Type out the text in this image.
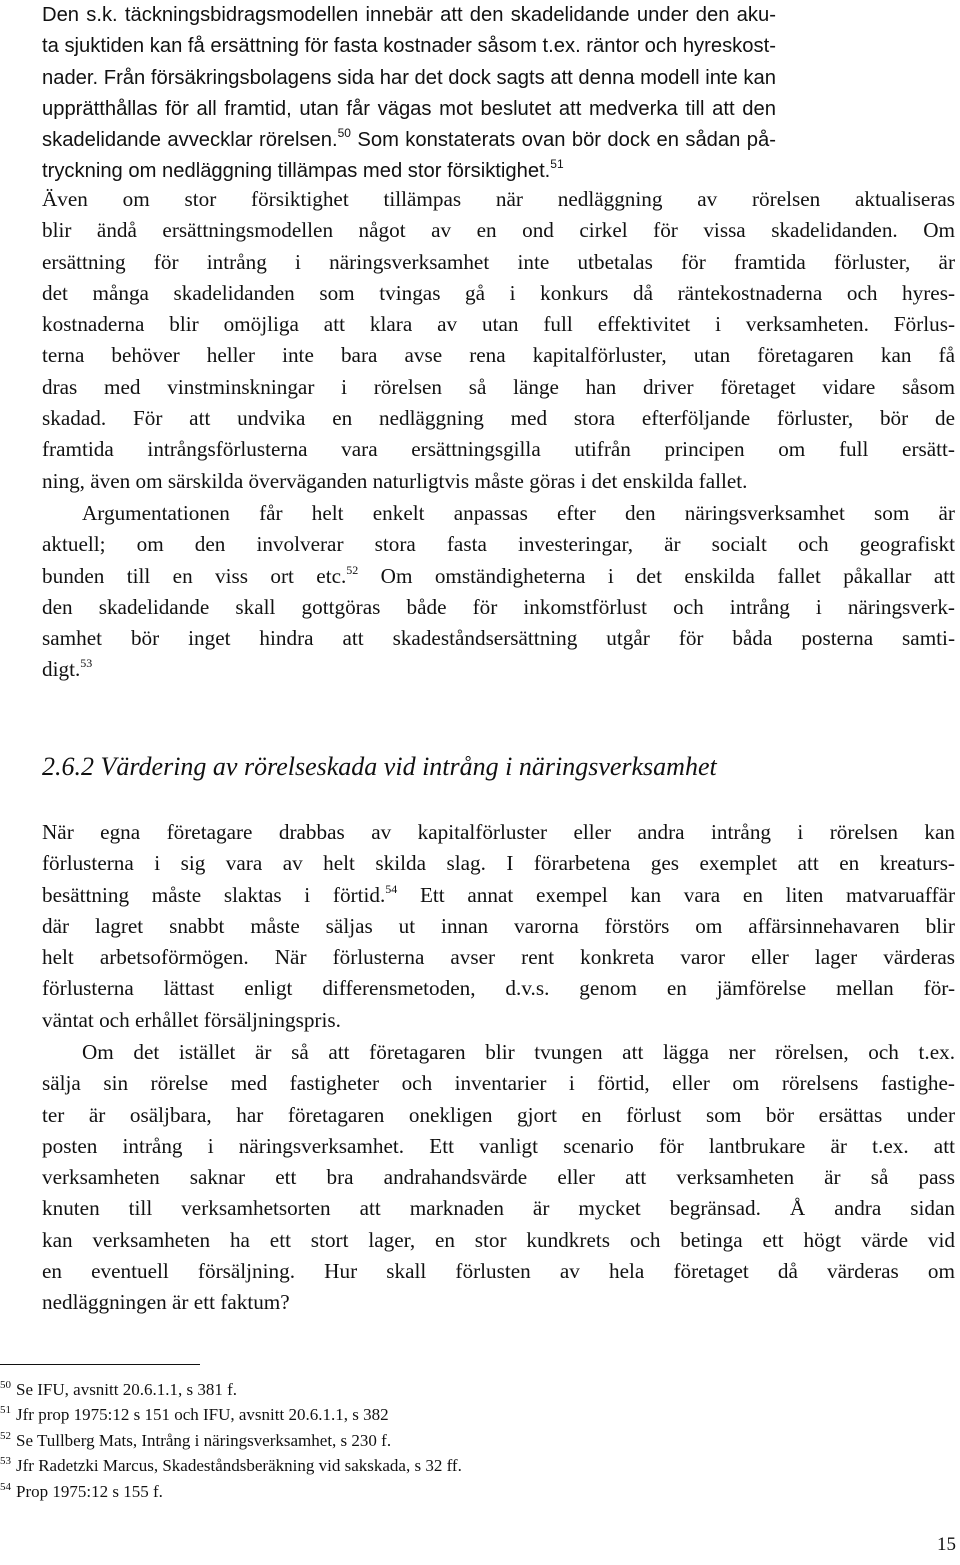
Den s.k. täckningsbidragsmodellen innebär att den skadelidande under den aku-
ta sjuktiden kan få ersättning för fasta kostnader såsom t.ex. räntor och hyreskost-
nader. Från försäkringsbolagens sida har det dock sagts att denna modell inte kan
upprätthållas för all framtid, utan får vägas mot beslutet att medverka till att den
skadelidande avvecklar rörelsen.$^{50}$ Som konstaterats ovan bör dock en sådan på-
tryckning om nedläggning tillämpas med stor försiktighet.$^{51}$
Även om stor försiktighet tillämpas när nedläggning av rörelsen aktualiseras
blir ändå ersättningsmodellen något av en ond cirkel för vissa skadelidanden. Om
ersättning för intrång i näringsverksamhet inte utbetalas för framtida förluster, är
det många skadelidanden som tvingas gå i konkurs då räntekostnaderna och hyres-
kostnaderna blir omöjliga att klara av utan full effektivitet i verksamheten. Förlus-
terna behöver heller inte bara avse rena kapitalförluster, utan företagaren kan få
dras med vinstminskningar i rörelsen så länge han driver företaget vidare såsom
skadad. För att undvika en nedläggning med stora efterföljande förluster, bör de
framtida intrångsförlusterna vara ersättningsgilla utifrån principen om full ersätt-
ning, även om särskilda överväganden naturligtvis måste göras i det enskilda fallet.
Argumentationen får helt enkelt anpassas efter den näringsverksamhet som är
aktuell; om den involverar stora fasta investeringar, är socialt och geografiskt
bunden till en viss ort etc.$^{52}$ Om omständigheterna i det enskilda fallet påkallar att
den skadelidande skall gottgöras både för inkomstförlust och intrång i näringsverk-
samhet bör inget hindra att skadeståndsersättning utgår för båda posterna samti-
digt.$^{53}$
2.6.2 Värdering av rörelseskada vid intrång i näringsverksamhet
När egna företagare drabbas av kapitalförluster eller andra intrång i rörelsen kan
förlusterna i sig vara av helt skilda slag. I förarbetena ges exemplet att en kreaturs-
besättning måste slaktas i förtid.$^{54}$ Ett annat exempel kan vara en liten matvaruaffär
där lagret snabbt måste säljas ut innan varorna förstörs om affärsinnehavaren blir
helt arbetsoförmögen. När förlusterna avser rent konkreta varor eller lager värderas
förlusterna lättast enligt differensmetoden, d.v.s. genom en jämförelse mellan för-
väntat och erhållet försäljningspris.
Om det istället är så att företagaren blir tvungen att lägga ner rörelsen, och t.ex.
sälja sin rörelse med fastigheter och inventarier i förtid, eller om rörelsens fastighe-
ter är osäljbara, har företagaren onekligen gjort en förlust som bör ersättas under
posten intrång i näringsverksamhet. Ett vanligt scenario för lantbrukare är t.ex. att
verksamheten saknar ett bra andrahandsvärde eller att verksamheten är så pass
knuten till verksamhetsorten att marknaden är mycket begränsad. Å andra sidan
kan verksamheten ha ett stort lager, en stor kundkrets och betinga ett högt värde vid
en eventuell försäljning. Hur skall förlusten av hela företaget då värderas om
nedläggningen är ett faktum?
$^{50}$ Se IFU, avsnitt 20.6.1.1, s 381 f.
$^{51}$ Jfr prop 1975:12 s 151 och IFU, avsnitt 20.6.1.1, s 382
$^{52}$ Se Tullberg Mats, Intrång i näringsverksamhet, s 230 f.
$^{53}$ Jfr Radetzki Marcus, Skadeståndsberäkning vid sakskada, s 32 ff.
$^{54}$ Prop 1975:12 s 155 f.
15
